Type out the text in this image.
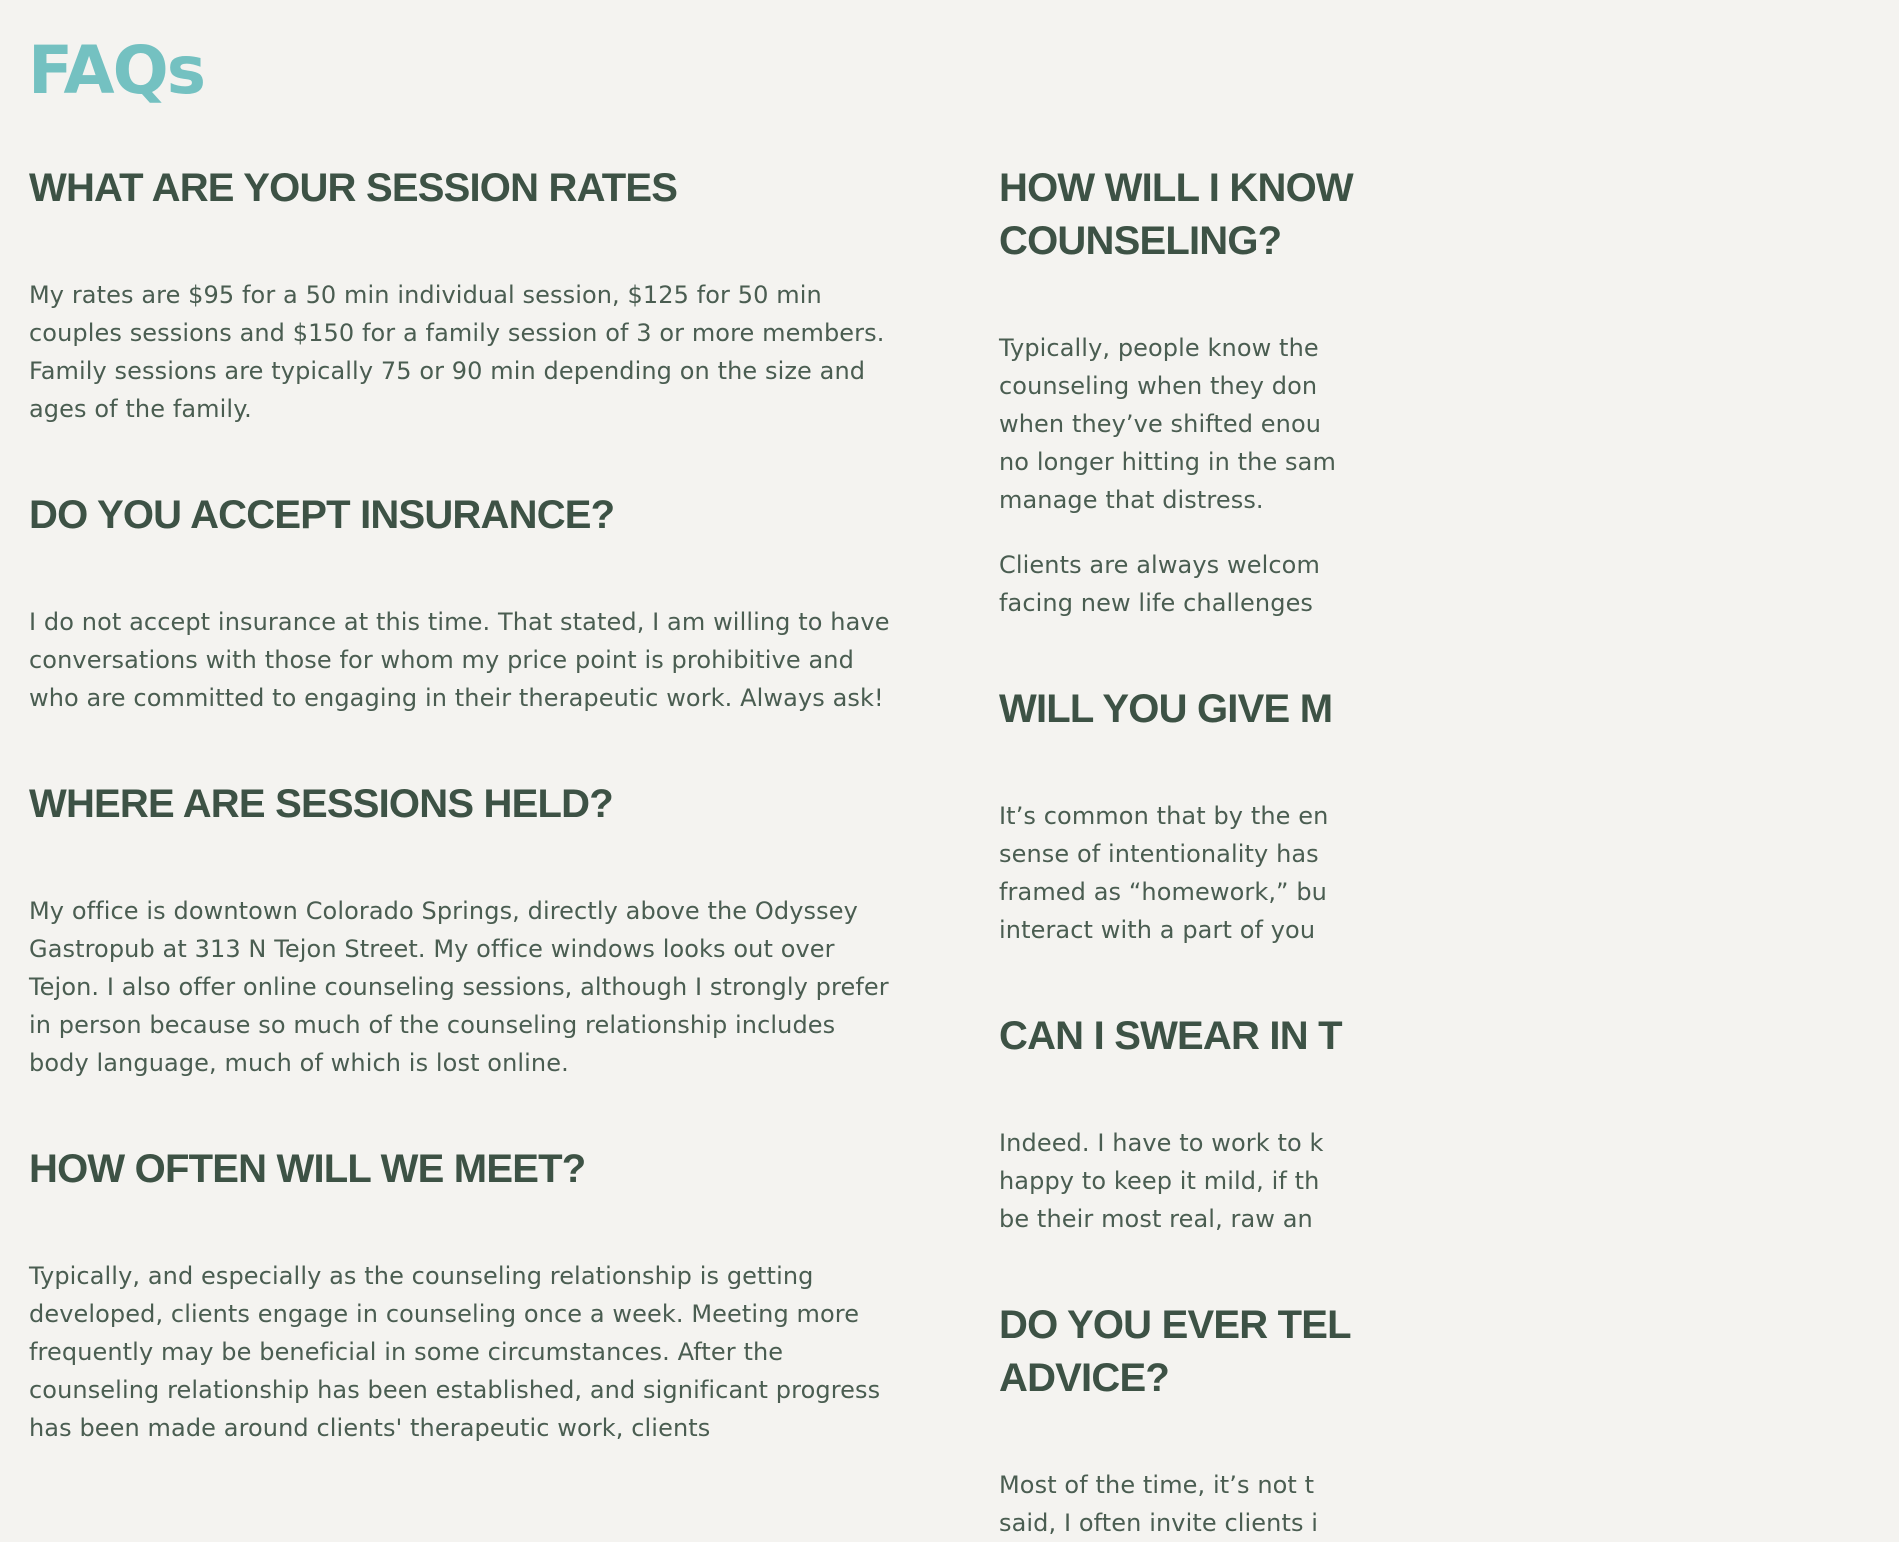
FAQs
WHAT ARE YOUR SESSION RATES

My rates are $95 for a 50 min individual session, $125 for 50 min couples sessions and $150 for a family session of 3 or more members. Family sessions are typically 75 or 90 min depending on the size and ages of the family.

DO YOU ACCEPT INSURANCE?

I do not accept insurance at this time. That stated, I am willing to have conversations with those for whom my price point is prohibitive and who are committed to engaging in their therapeutic work. Always ask!

WHERE ARE SESSIONS HELD?

My office is downtown Colorado Springs, directly above the Odyssey Gastropub at 313 N Tejon Street. My office windows looks out over Tejon. I also offer online counseling sessions, although I strongly prefer in person because so much of the counseling relationship includes body language, much of which is lost online.

HOW OFTEN WILL WE MEET?

Typically, and especially as the counseling relationship is getting developed, clients engage in counseling once a week. Meeting more frequently may be beneficial in some circumstances. After the counseling relationship has been established, and significant progress has been made around clients' therapeutic work, clients

HOW WILL I KNOW
COUNSELING?

Typically, people know the
counseling when they don
when they’ve shifted enou
no longer hitting in the sam
manage that distress.

Clients are always welcom
facing new life challenges

WILL YOU GIVE M

It’s common that by the en
sense of intentionality has
framed as “homework,” bu
interact with a part of you

CAN I SWEAR IN T

Indeed. I have to work to k
happy to keep it mild, if th
be their most real, raw an

DO YOU EVER TEL
ADVICE?

Most of the time, it’s not t
said, I often invite clients i
